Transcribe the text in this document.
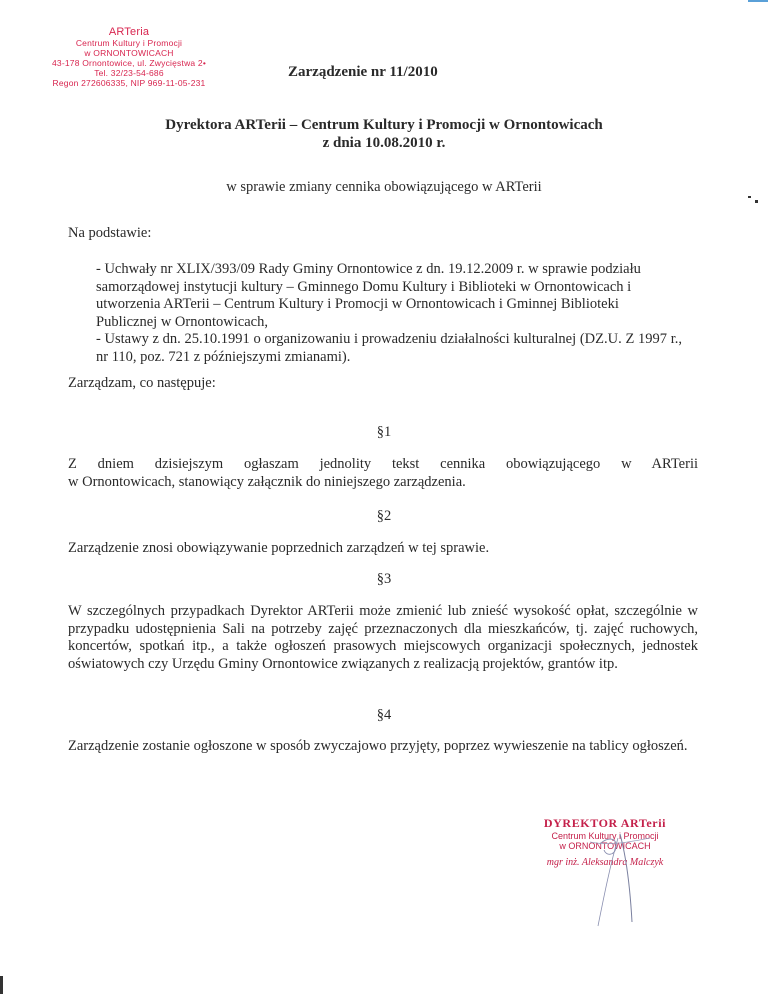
ARTeria
Centrum Kultury i Promocji
w ORNONTOWICACH
43-178 Ornontowice, ul. Zwycięstwa 2•
Tel. 32/23-54-686
Regon 272606335, NIP 969-11-05-231
Zarządzenie nr 11/2010
Dyrektora ARTerii – Centrum Kultury i Promocji w Ornontowicach
z dnia 10.08.2010 r.
w sprawie zmiany cennika obowiązującego w ARTerii
Na podstawie:
- Uchwały nr XLIX/393/09 Rady Gminy Ornontowice z dn. 19.12.2009 r. w sprawie podziału samorządowej instytucji kultury – Gminnego Domu Kultury i Biblioteki w Ornontowicach i utworzenia ARTerii – Centrum Kultury i Promocji w Ornontowicach i Gminnej Biblioteki Publicznej w Ornontowicach,
- Ustawy z dn. 25.10.1991 o organizowaniu i prowadzeniu działalności kulturalnej (DZ.U. Z 1997 r., nr 110, poz. 721 z późniejszymi zmianami).
Zarządzam, co następuje:
§1
Z dniem dzisiejszym ogłaszam jednolity tekst cennika obowiązującego w ARTerii
w Ornontowicach, stanowiący załącznik do niniejszego zarządzenia.
§2
Zarządzenie znosi obowiązywanie poprzednich zarządzeń w tej sprawie.
§3
W szczególnych przypadkach Dyrektor ARTerii może zmienić lub znieść wysokość opłat, szczególnie w przypadku udostępnienia Sali na potrzeby zajęć przeznaczonych dla mieszkańców, tj. zajęć ruchowych, koncertów, spotkań itp., a także ogłoszeń prasowych miejscowych organizacji społecznych, jednostek oświatowych czy Urzędu Gminy Ornontowice związanych z realizacją projektów, grantów itp.
§4
Zarządzenie zostanie ogłoszone w sposób zwyczajowo przyjęty, poprzez wywieszenie na tablicy ogłoszeń.
DYREKTOR ARTerii
Centrum Kultury i Promocji
w ORNONTOWICACH
mgr inż. Aleksandra Malczyk
